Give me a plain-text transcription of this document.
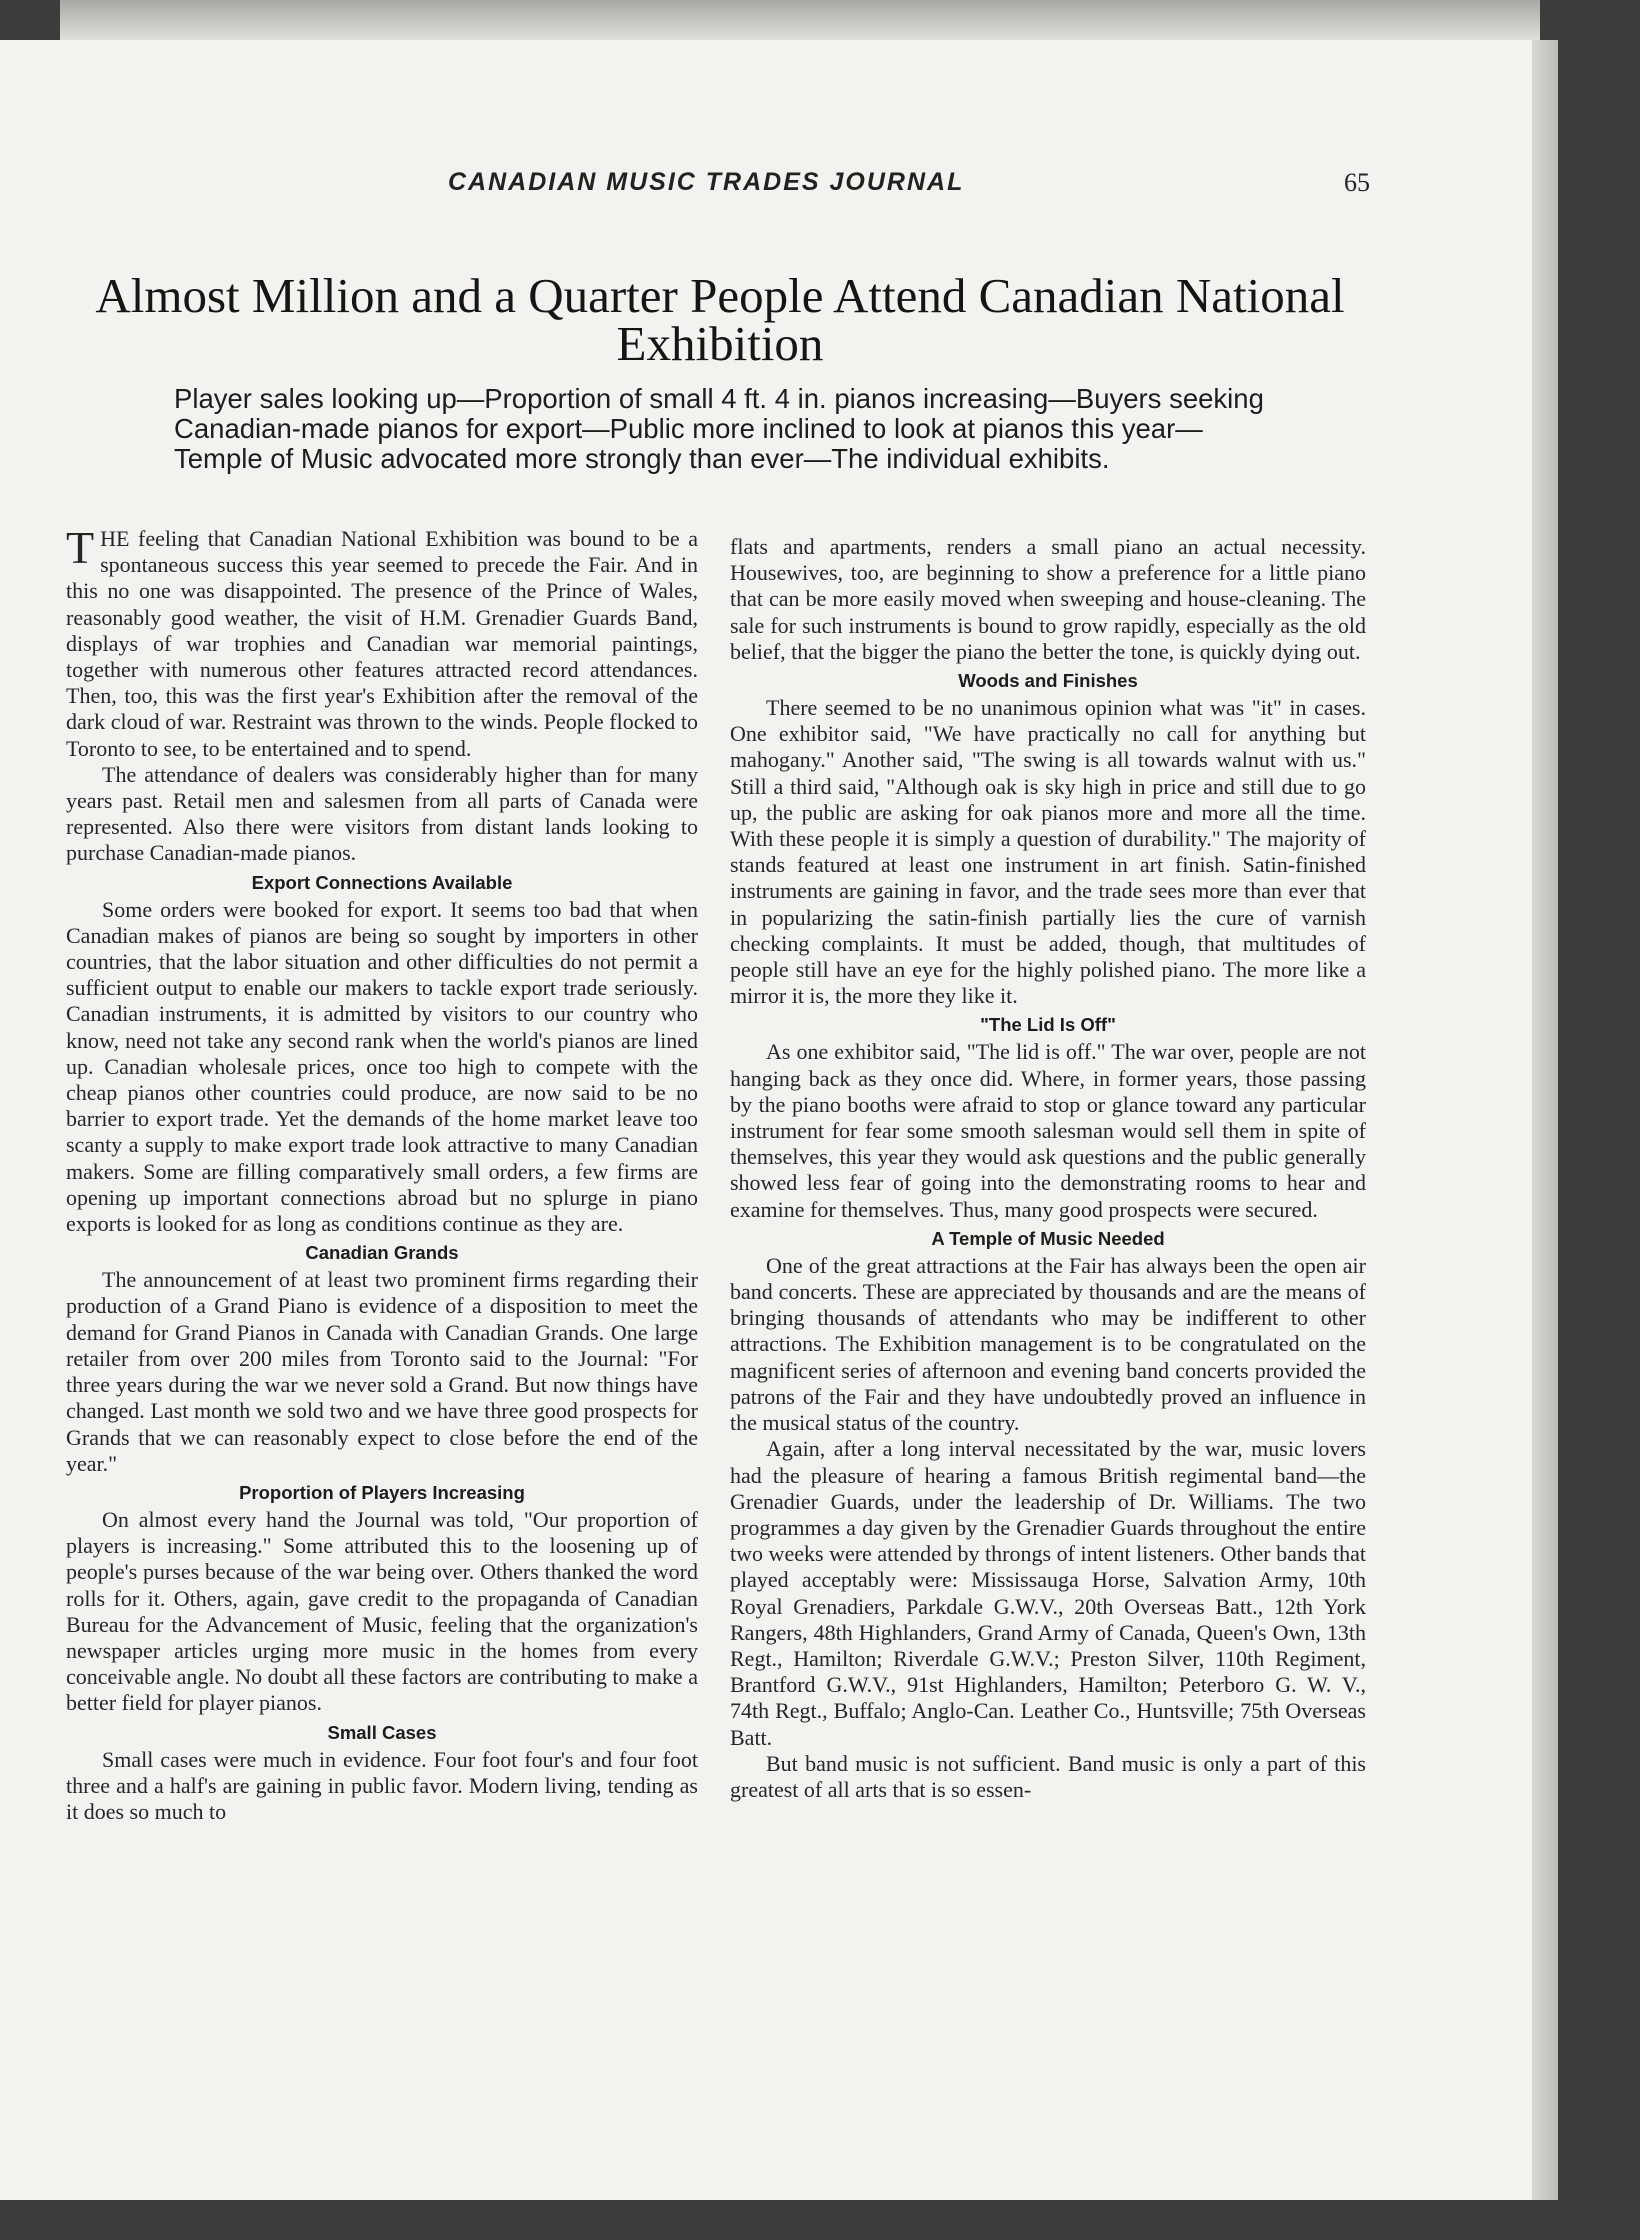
CANADIAN MUSIC TRADES JOURNAL	65
Almost Million and a Quarter People Attend Canadian National Exhibition

Player sales looking up—Proportion of small 4 ft. 4 in. pianos increasing—Buyers seeking Canadian-made pianos for export—Public more inclined to look at pianos this year—Temple of Music advocated more strongly than ever—The individual exhibits.

THE feeling that Canadian National Exhibition was bound to be a spontaneous success this year seemed to precede the Fair. And in this no one was disappointed. The presence of the Prince of Wales, reasonably good weather, the visit of H.M. Grenadier Guards Band, displays of war trophies and Canadian war memorial paintings, together with numerous other features attracted record attendances. Then, too, this was the first year's Exhibition after the removal of the dark cloud of war. Restraint was thrown to the winds. People flocked to Toronto to see, to be entertained and to spend.

The attendance of dealers was considerably higher than for many years past. Retail men and salesmen from all parts of Canada were represented. Also there were visitors from distant lands looking to purchase Canadian-made pianos.

Export Connections Available

Some orders were booked for export. It seems too bad that when Canadian makes of pianos are being so sought by importers in other countries, that the labor situation and other difficulties do not permit a sufficient output to enable our makers to tackle export trade seriously. Canadian instruments, it is admitted by visitors to our country who know, need not take any second rank when the world's pianos are lined up. Canadian wholesale prices, once too high to compete with the cheap pianos other countries could produce, are now said to be no barrier to export trade. Yet the demands of the home market leave too scanty a supply to make export trade look attractive to many Canadian makers. Some are filling comparatively small orders, a few firms are opening up important connections abroad but no splurge in piano exports is looked for as long as conditions continue as they are.

Canadian Grands

The announcement of at least two prominent firms regarding their production of a Grand Piano is evidence of a disposition to meet the demand for Grand Pianos in Canada with Canadian Grands. One large retailer from over 200 miles from Toronto said to the Journal: "For three years during the war we never sold a Grand. But now things have changed. Last month we sold two and we have three good prospects for Grands that we can reasonably expect to close before the end of the year."

Proportion of Players Increasing

On almost every hand the Journal was told, "Our proportion of players is increasing." Some attributed this to the loosening up of people's purses because of the war being over. Others thanked the word rolls for it. Others, again, gave credit to the propaganda of Canadian Bureau for the Advancement of Music, feeling that the organization's newspaper articles urging more music in the homes from every conceivable angle. No doubt all these factors are contributing to make a better field for player pianos.

Small Cases

Small cases were much in evidence. Four foot four's and four foot three and a half's are gaining in public favor. Modern living, tending as it does so much to

flats and apartments, renders a small piano an actual necessity. Housewives, too, are beginning to show a preference for a little piano that can be more easily moved when sweeping and house-cleaning. The sale for such instruments is bound to grow rapidly, especially as the old belief, that the bigger the piano the better the tone, is quickly dying out.

Woods and Finishes

There seemed to be no unanimous opinion what was "it" in cases. One exhibitor said, "We have practically no call for anything but mahogany." Another said, "The swing is all towards walnut with us." Still a third said, "Although oak is sky high in price and still due to go up, the public are asking for oak pianos more and more all the time. With these people it is simply a question of durability." The majority of stands featured at least one instrument in art finish. Satin-finished instruments are gaining in favor, and the trade sees more than ever that in popularizing the satin-finish partially lies the cure of varnish checking complaints. It must be added, though, that multitudes of people still have an eye for the highly polished piano. The more like a mirror it is, the more they like it.

"The Lid Is Off"

As one exhibitor said, "The lid is off." The war over, people are not hanging back as they once did. Where, in former years, those passing by the piano booths were afraid to stop or glance toward any particular instrument for fear some smooth salesman would sell them in spite of themselves, this year they would ask questions and the public generally showed less fear of going into the demonstrating rooms to hear and examine for themselves. Thus, many good prospects were secured.

A Temple of Music Needed

One of the great attractions at the Fair has always been the open air band concerts. These are appreciated by thousands and are the means of bringing thousands of attendants who may be indifferent to other attractions. The Exhibition management is to be congratulated on the magnificent series of afternoon and evening band concerts provided the patrons of the Fair and they have undoubtedly proved an influence in the musical status of the country.

Again, after a long interval necessitated by the war, music lovers had the pleasure of hearing a famous British regimental band—the Grenadier Guards, under the leadership of Dr. Williams. The two programmes a day given by the Grenadier Guards throughout the entire two weeks were attended by throngs of intent listeners. Other bands that played acceptably were: Mississauga Horse, Salvation Army, 10th Royal Grenadiers, Parkdale G.W.V., 20th Overseas Batt., 12th York Rangers, 48th Highlanders, Grand Army of Canada, Queen's Own, 13th Regt., Hamilton; Riverdale G.W.V.; Preston Silver, 110th Regiment, Brantford G.W.V., 91st Highlanders, Hamilton; Peterboro G. W. V., 74th Regt., Buffalo; Anglo-Can. Leather Co., Huntsville; 75th Overseas Batt.

But band music is not sufficient. Band music is only a part of this greatest of all arts that is so essen-
